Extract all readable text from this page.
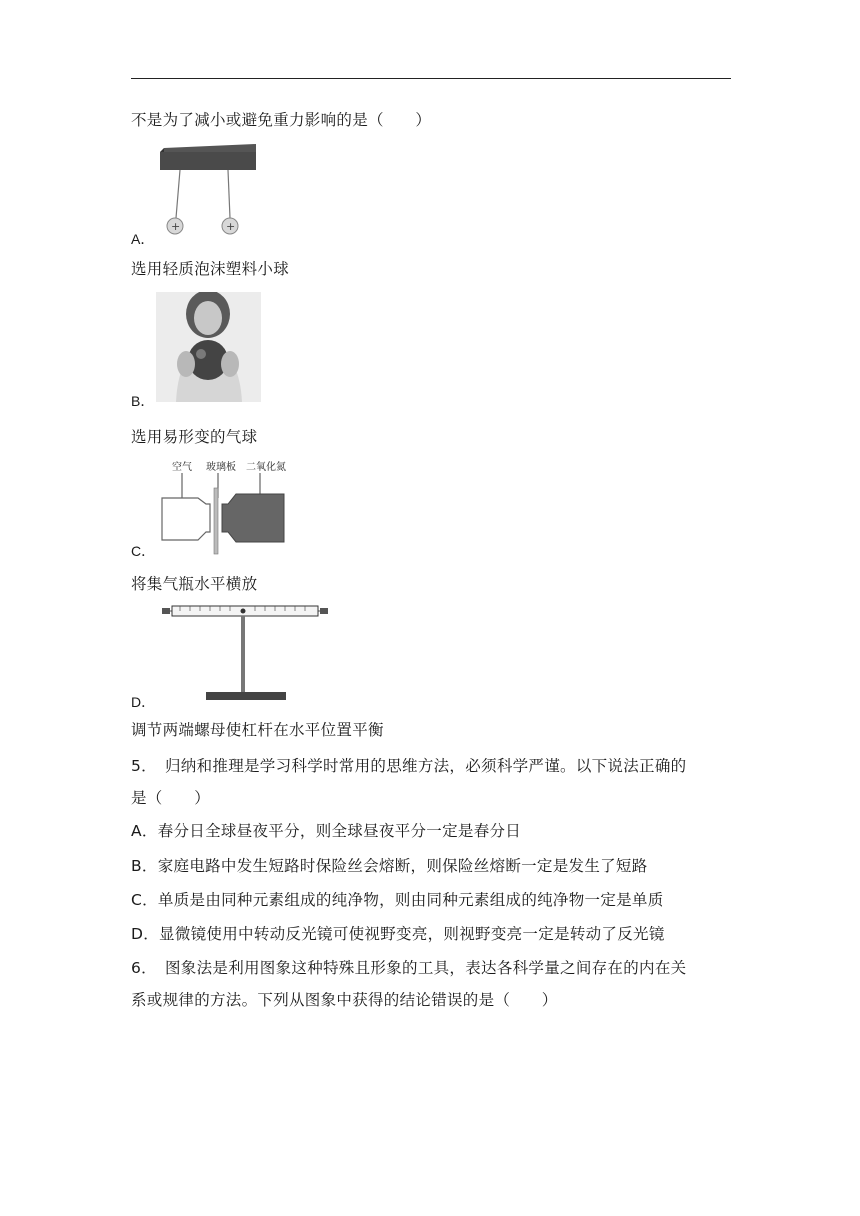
不是为了减小或避免重力影响的是（　　）
+	+
A．
选用轻质泡沫塑料小球
B．
选用易形变的气球
空气 玻璃板 二氧化氮
C．
将集气瓶水平横放
D．
调节两端螺母使杠杆在水平位置平衡
5．　归纳和推理是学习科学时常用的思维方法，必须科学严谨。以下说法正确的
是（　　）
A．春分日全球昼夜平分，则全球昼夜平分一定是春分日
B．家庭电路中发生短路时保险丝会熔断，则保险丝熔断一定是发生了短路
C．单质是由同种元素组成的纯净物，则由同种元素组成的纯净物一定是单质
D．显微镜使用中转动反光镜可使视野变亮，则视野变亮一定是转动了反光镜
6．　图象法是利用图象这种特殊且形象的工具，表达各科学量之间存在的内在关
系或规律的方法。下列从图象中获得的结论错误的是（　　）
